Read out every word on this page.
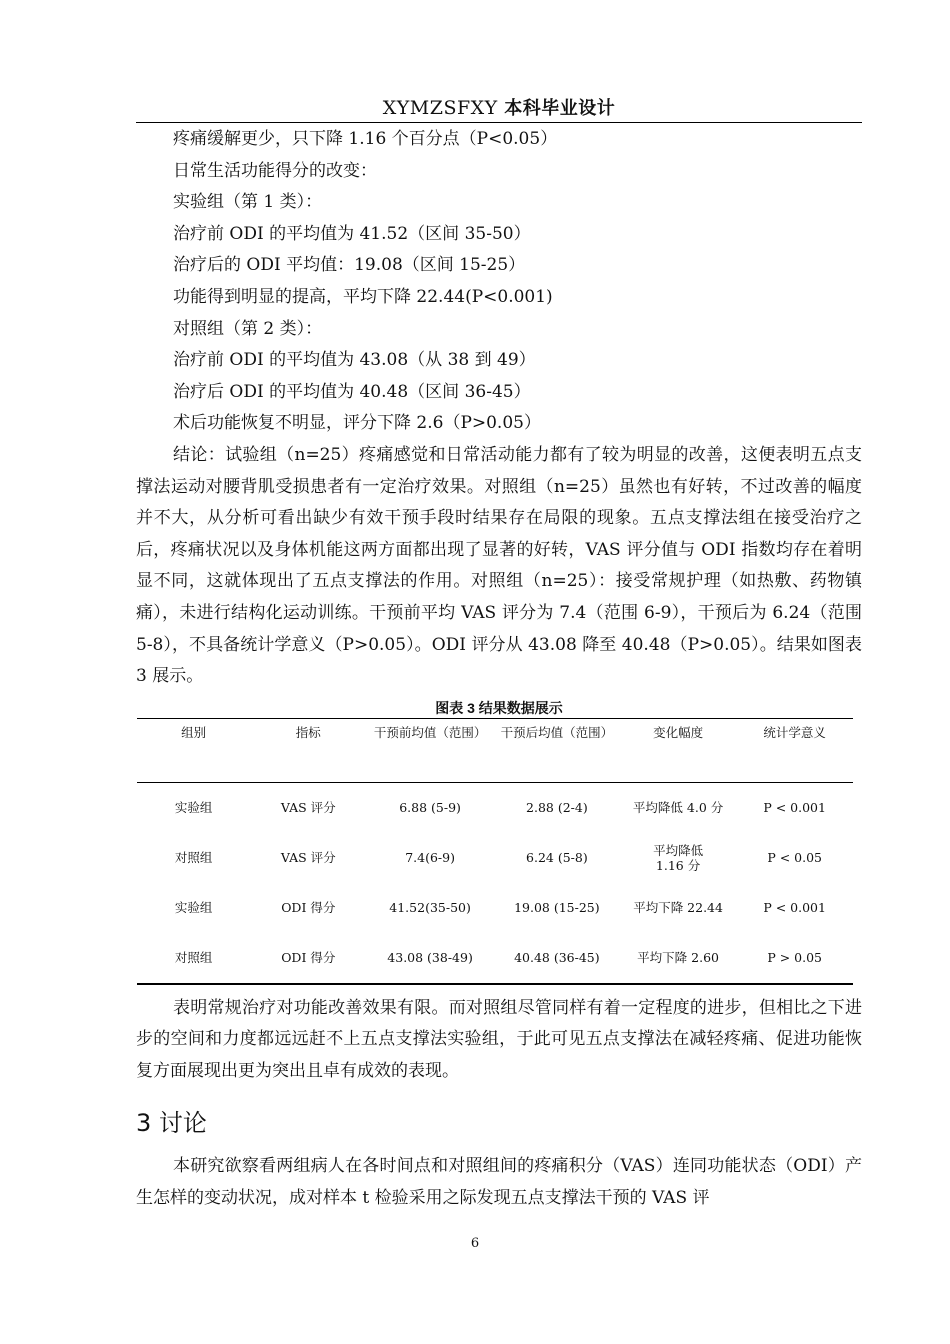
XYMZSFXY 本科毕业设计
疼痛缓解更少，只下降 1.16 个百分点（P<0.05）
日常生活功能得分的改变：
实验组（第 1 类）：
治疗前 ODI 的平均值为 41.52（区间 35-50）
治疗后的 ODI 平均值：19.08（区间 15-25）
功能得到明显的提高，平均下降 22.44(P<0.001)
对照组（第 2 类）：
治疗前 ODI 的平均值为 43.08（从 38 到 49）
治疗后 ODI 的平均值为 40.48（区间 36-45）
术后功能恢复不明显，评分下降 2.6（P>0.05）

结论：试验组（n=25）疼痛感觉和日常活动能力都有了较为明显的改善，这便表明五点支撑法运动对腰背肌受损患者有一定治疗效果。对照组（n=25）虽然也有好转，不过改善的幅度并不大，从分析可看出缺少有效干预手段时结果存在局限的现象。五点支撑法组在接受治疗之后，疼痛状况以及身体机能这两方面都出现了显著的好转，VAS 评分值与 ODI 指数均存在着明显不同，这就体现出了五点支撑法的作用。对照组（n=25）：接受常规护理（如热敷、药物镇痛），未进行结构化运动训练。干预前平均 VAS 评分为 7.4（范围 6-9），干预后为 6.24（范围 5-8），不具备统计学意义（P>0.05）。ODI 评分从 43.08 降至 40.48（P>0.05）。结果如图表 3 展示。

图表 3 结果数据展示
组别	指标	干预前均值（范围）	干预后均值（范围）	变化幅度	统计学意义
实验组	VAS 评分	6.88 (5-9)	2.88 (2-4)	平均降低 4.0 分	P < 0.001
对照组	VAS 评分	7.4(6-9)	6.24 (5-8)	平均降低 1.16 分	P < 0.05
实验组	ODI 得分	41.52(35-50)	19.08 (15-25)	平均下降 22.44	P < 0.001
对照组	ODI 得分	43.08 (38-49)	40.48 (36-45)	平均下降 2.60	P > 0.05

表明常规治疗对功能改善效果有限。而对照组尽管同样有着一定程度的进步，但相比之下进步的空间和力度都远远赶不上五点支撑法实验组，于此可见五点支撑法在减轻疼痛、促进功能恢复方面展现出更为突出且卓有成效的表现。

3 讨论

本研究欲察看两组病人在各时间点和对照组间的疼痛积分（VAS）连同功能状态（ODI）产生怎样的变动状况，成对样本 t 检验采用之际发现五点支撑法干预的 VAS 评

6
